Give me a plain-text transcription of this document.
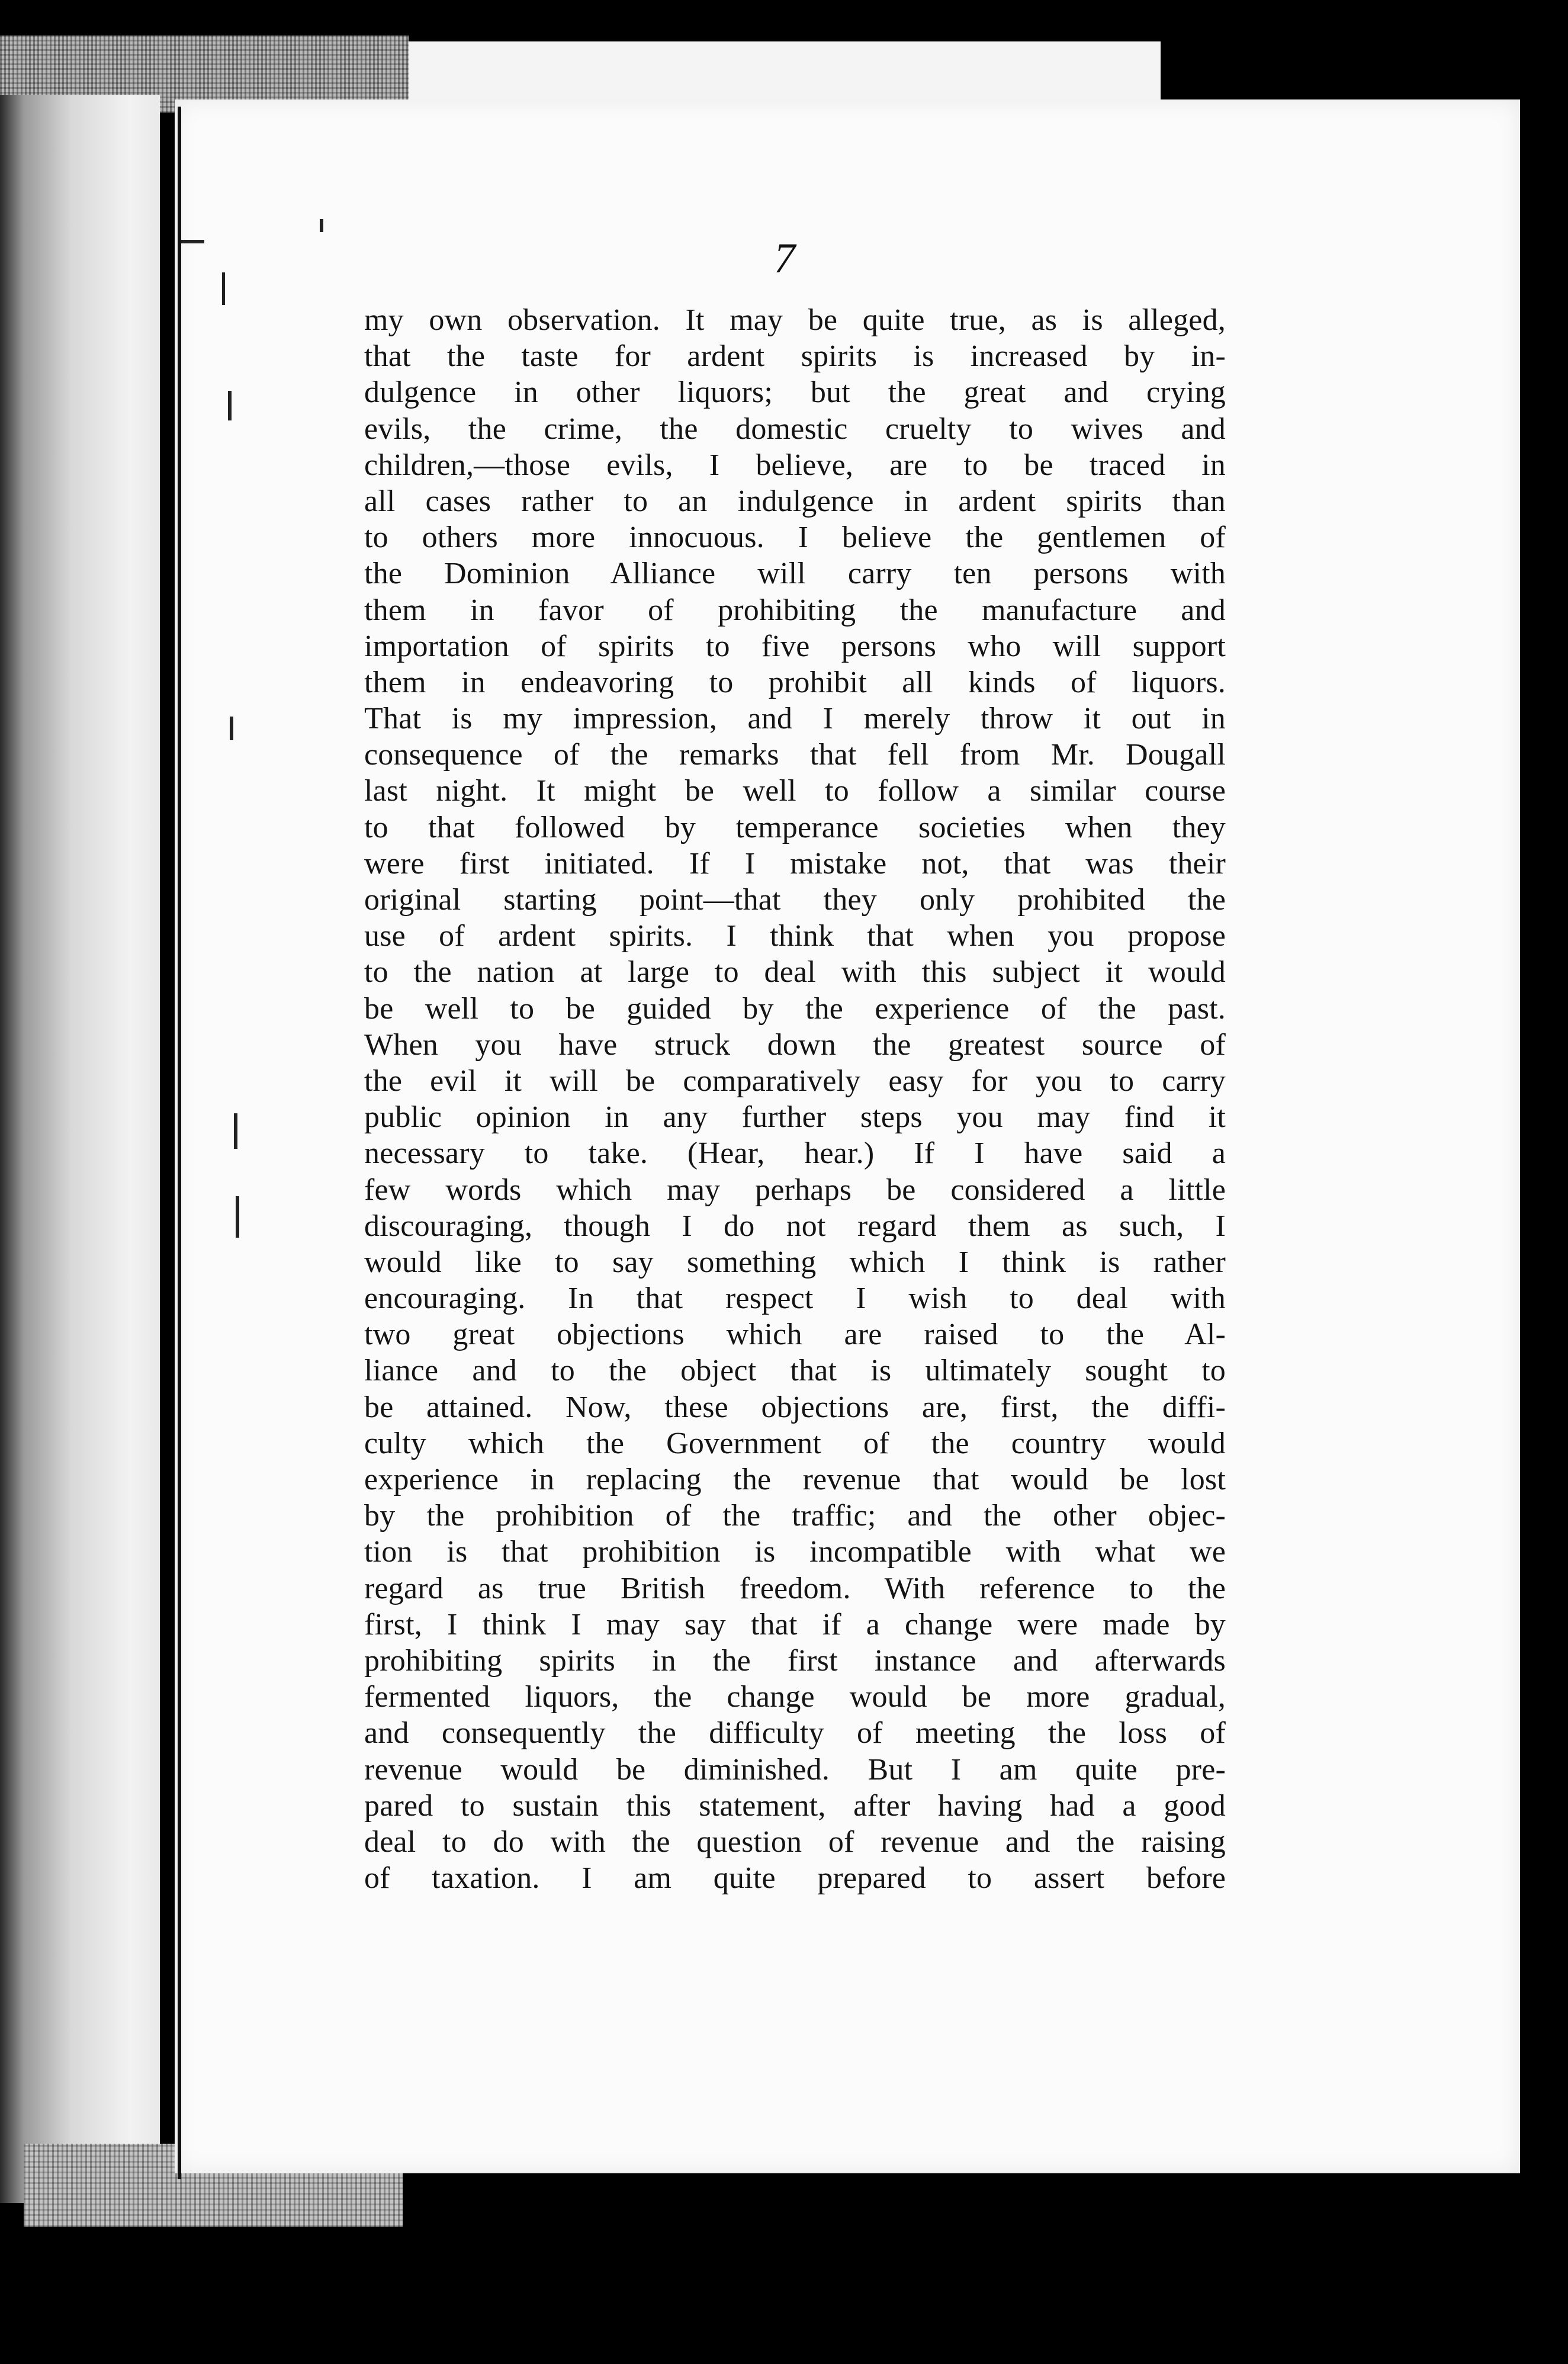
7
my own observation. It may be quite true, as is alleged,
that the taste for ardent spirits is increased by in-
dulgence in other liquors; but the great and crying
evils, the crime, the domestic cruelty to wives and
children,—those evils, I believe, are to be traced in
all cases rather to an indulgence in ardent spirits than
to others more innocuous. I believe the gentlemen of
the Dominion Alliance will carry ten persons with
them in favor of prohibiting the manufacture and
importation of spirits to five persons who will support
them in endeavoring to prohibit all kinds of liquors.
That is my impression, and I merely throw it out in
consequence of the remarks that fell from Mr. Dougall
last night. It might be well to follow a similar course
to that followed by temperance societies when they
were first initiated. If I mistake not, that was their
original starting point—that they only prohibited the
use of ardent spirits. I think that when you propose
to the nation at large to deal with this subject it would
be well to be guided by the experience of the past.
When you have struck down the greatest source of
the evil it will be comparatively easy for you to carry
public opinion in any further steps you may find it
necessary to take. (Hear, hear.) If I have said a
few words which may perhaps be considered a little
discouraging, though I do not regard them as such, I
would like to say something which I think is rather
encouraging. In that respect I wish to deal with
two great objections which are raised to the Al-
liance and to the object that is ultimately sought to
be attained. Now, these objections are, first, the diffi-
culty which the Government of the country would
experience in replacing the revenue that would be lost
by the prohibition of the traffic; and the other objec-
tion is that prohibition is incompatible with what we
regard as true British freedom. With reference to the
first, I think I may say that if a change were made by
prohibiting spirits in the first instance and afterwards
fermented liquors, the change would be more gradual,
and consequently the difficulty of meeting the loss of
revenue would be diminished. But I am quite pre-
pared to sustain this statement, after having had a good
deal to do with the question of revenue and the raising
of taxation. I am quite prepared to assert before
